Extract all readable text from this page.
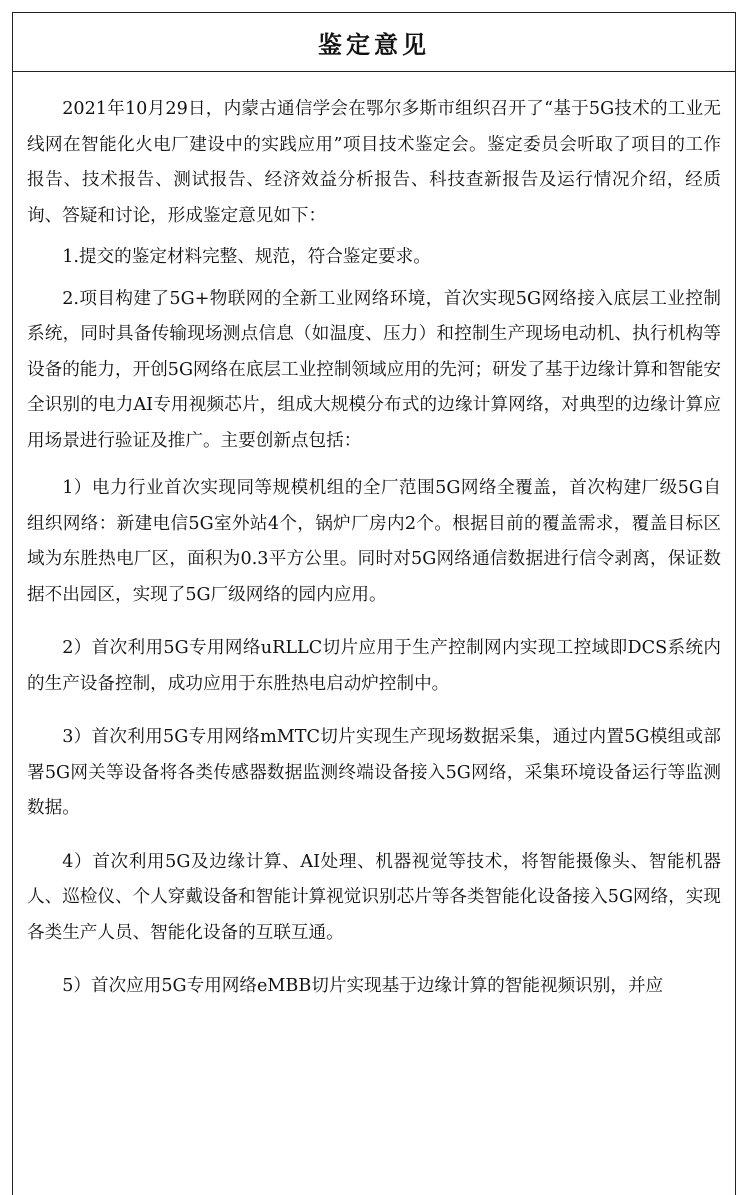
鉴定意见

2021年10月29日，内蒙古通信学会在鄂尔多斯市组织召开了“基于5G技术的工业无线网在智能化火电厂建设中的实践应用”项目技术鉴定会。鉴定委员会听取了项目的工作报告、技术报告、测试报告、经济效益分析报告、科技查新报告及运行情况介绍，经质询、答疑和讨论，形成鉴定意见如下：

1.提交的鉴定材料完整、规范，符合鉴定要求。

2.项目构建了5G+物联网的全新工业网络环境，首次实现5G网络接入底层工业控制系统，同时具备传输现场测点信息（如温度、压力）和控制生产现场电动机、执行机构等设备的能力，开创5G网络在底层工业控制领域应用的先河；研发了基于边缘计算和智能安全识别的电力AI专用视频芯片，组成大规模分布式的边缘计算网络，对典型的边缘计算应用场景进行验证及推广。主要创新点包括：

1）电力行业首次实现同等规模机组的全厂范围5G网络全覆盖，首次构建厂级5G自组织网络：新建电信5G室外站4个，锅炉厂房内2个。根据目前的覆盖需求，覆盖目标区域为东胜热电厂区，面积为0.3平方公里。同时对5G网络通信数据进行信令剥离，保证数据不出园区，实现了5G厂级网络的园内应用。

2）首次利用5G专用网络uRLLC切片应用于生产控制网内实现工控域即DCS系统内的生产设备控制，成功应用于东胜热电启动炉控制中。

3）首次利用5G专用网络mMTC切片实现生产现场数据采集，通过内置5G模组或部署5G网关等设备将各类传感器数据监测终端设备接入5G网络，采集环境设备运行等监测数据。

4）首次利用5G及边缘计算、AI处理、机器视觉等技术，将智能摄像头、智能机器人、巡检仪、个人穿戴设备和智能计算视觉识别芯片等各类智能化设备接入5G网络，实现各类生产人员、智能化设备的互联互通。

5）首次应用5G专用网络eMBB切片实现基于边缘计算的智能视频识别，并应
